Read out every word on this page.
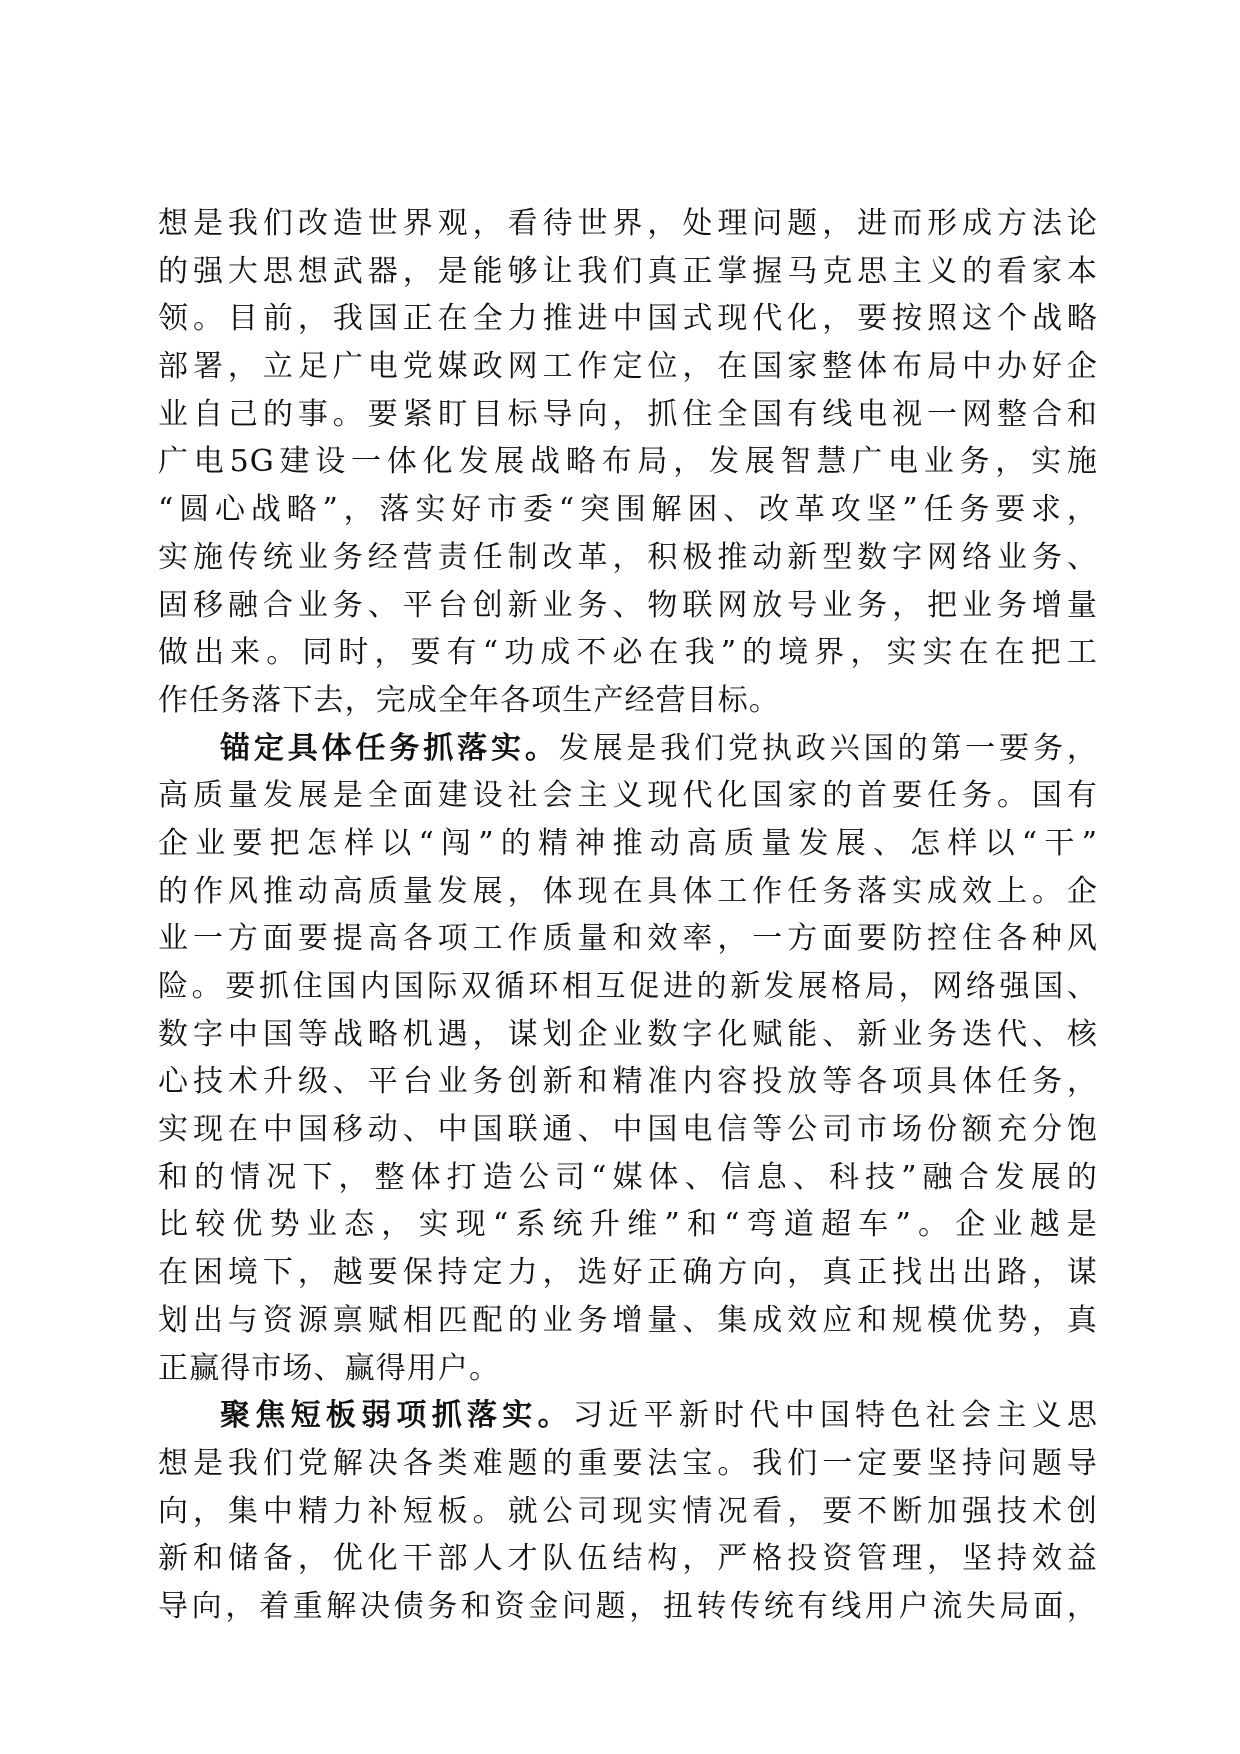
想是我们改造世界观，看待世界，处理问题，进而形成方法论
的强大思想武器，是能够让我们真正掌握马克思主义的看家本
领。目前，我国正在全力推进中国式现代化，要按照这个战略
部署，立足广电党媒政网工作定位，在国家整体布局中办好企
业自己的事。要紧盯目标导向，抓住全国有线电视一网整合和
广电5G建设一体化发展战略布局，发展智慧广电业务，实施
“圆心战略”，落实好市委“突围解困、改革攻坚”任务要求，
实施传统业务经营责任制改革，积极推动新型数字网络业务、
固移融合业务、平台创新业务、物联网放号业务，把业务增量
做出来。同时，要有“功成不必在我”的境界，实实在在把工
作任务落下去，完成全年各项生产经营目标。
锚定具体任务抓落实。发展是我们党执政兴国的第一要务，
高质量发展是全面建设社会主义现代化国家的首要任务。国有
企业要把怎样以“闯”的精神推动高质量发展、怎样以“干”
的作风推动高质量发展，体现在具体工作任务落实成效上。企
业一方面要提高各项工作质量和效率，一方面要防控住各种风
险。要抓住国内国际双循环相互促进的新发展格局，网络强国、
数字中国等战略机遇，谋划企业数字化赋能、新业务迭代、核
心技术升级、平台业务创新和精准内容投放等各项具体任务，
实现在中国移动、中国联通、中国电信等公司市场份额充分饱
和的情况下，整体打造公司“媒体、信息、科技”融合发展的
比较优势业态，实现“系统升维”和“弯道超车”。企业越是
在困境下，越要保持定力，选好正确方向，真正找出出路，谋
划出与资源禀赋相匹配的业务增量、集成效应和规模优势，真
正赢得市场、赢得用户。
聚焦短板弱项抓落实。习近平新时代中国特色社会主义思
想是我们党解决各类难题的重要法宝。我们一定要坚持问题导
向，集中精力补短板。就公司现实情况看，要不断加强技术创
新和储备，优化干部人才队伍结构，严格投资管理，坚持效益
导向，着重解决债务和资金问题，扭转传统有线用户流失局面，
